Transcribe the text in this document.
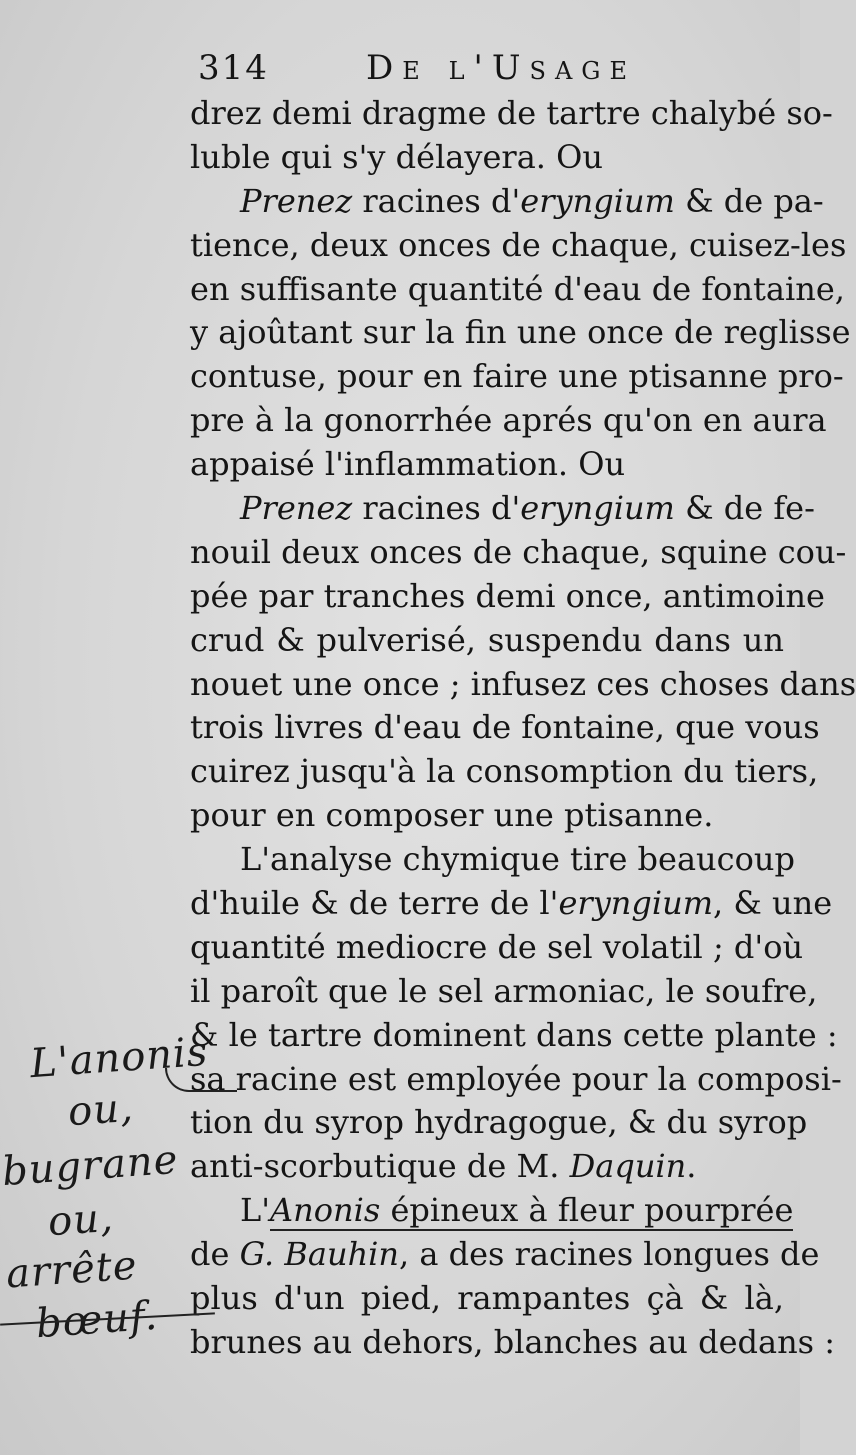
314	De l'Usage
drez demi dragme de tartre chalybé so-
luble qui s'y délayera. Ou
Prenez racines d'eryngium & de pa-
tience, deux onces de chaque, cuisez-les
en suffisante quantité d'eau de fontaine,
y ajoûtant sur la fin une once de reglisse
contuse, pour en faire une ptisanne pro-
pre à la gonorrhée aprés qu'on en aura
appaisé l'inflammation. Ou
Prenez racines d'eryngium & de fe-
nouil deux onces de chaque, squine cou-
pée par tranches demi once, antimoine
crud & pulverisé, suspendu dans un
nouet une once ; infusez ces choses dans
trois livres d'eau de fontaine, que vous
cuirez jusqu'à la consomption du tiers,
pour en composer une ptisanne.
L'analyse chymique tire beaucoup
d'huile & de terre de l'eryngium, & une
quantité mediocre de sel volatil ; d'où
il paroît que le sel armoniac, le soufre,
& le tartre dominent dans cette plante :
sa racine est employée pour la composi-
tion du syrop hydragogue, & du syrop
anti-scorbutique de M. Daquin.
L'Anonis épineux à fleur pourprée
de G. Bauhin, a des racines longues de
plus d'un pied, rampantes çà & là,
brunes au dehors, blanches au dedans :
L'anonis
ou,
bugrane
ou,
arrête
bœuf.
